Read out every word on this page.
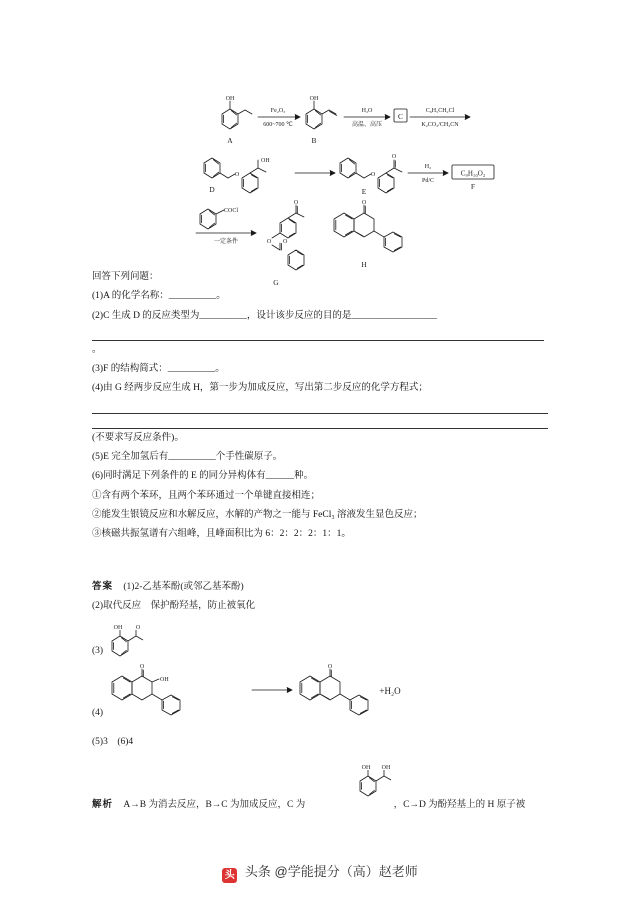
OH
A
Fe₂O₃
600~700 ℃
OH
B
H₂O
高温、高压
C
C₆H₅CH₂Cl
K₂CO₃/CH₃CN
O
OH
D
O
O
E
H₂
Pd/C
C₉H₁₀O₂
F
COCl
一定条件
O
O O
G
O
H

回答下列问题：

(1)A 的化学名称：__________。

(2)C 生成 D 的反应类型为__________，设计该步反应的目的是__________________

。

(3)F 的结构简式：__________。

(4)由 G 经两步反应生成 H，第一步为加成反应，写出第二步反应的化学方程式；

(不要求写反应条件)。

(5)E 完全加氢后有__________个手性碳原子。

(6)同时满足下列条件的 E 的同分异构体有______种。

①含有两个苯环，且两个苯环通过一个单键直接相连；

②能发生银镜反应和水解反应，水解的产物之一能与 FeCl₃ 溶液发生显色反应；

③核磁共振氢谱有六组峰，且峰面积比为 6：2：2：2：1：1。

答案 (1)2-乙基苯酚(或邻乙基苯酚)

(2)取代反应　保护酚羟基，防止被氧化

OH O
(3)
O
OH
O
+H₂O
(4)

(5)3　(6)4

OH OH

解析 A→B 为消去反应，B→C 为加成反应，C 为	，C→D 为酚羟基上的 H 原子被

头 头条 @学能提分（高）赵老师
